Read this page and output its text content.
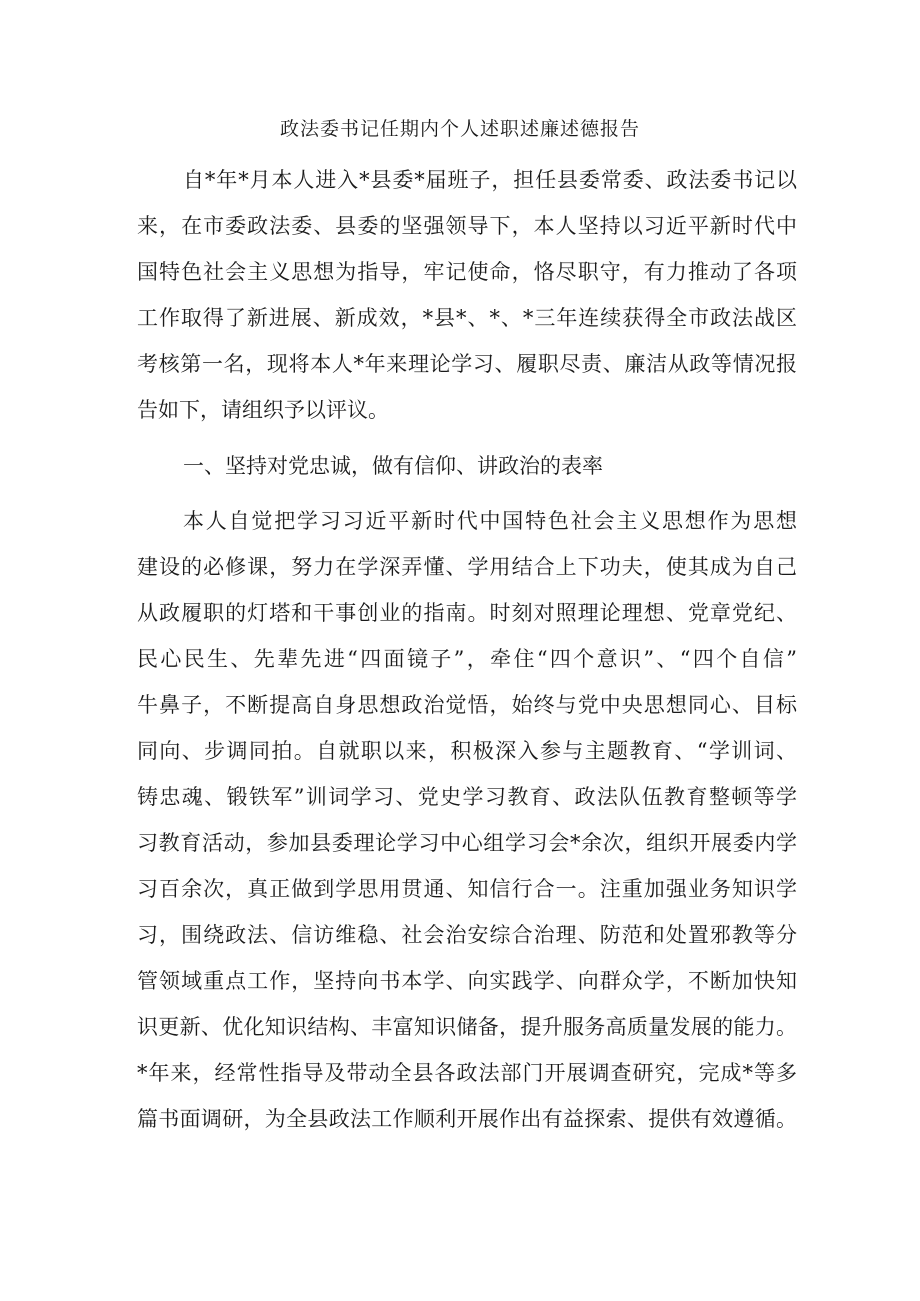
政法委书记任期内个人述职述廉述德报告

自*年*月本人进入*县委*届班子，担任县委常委、政法委书记以

来，在市委政法委、县委的坚强领导下，本人坚持以习近平新时代中

国特色社会主义思想为指导，牢记使命，恪尽职守，有力推动了各项

工作取得了新进展、新成效，*县*、*、*三年连续获得全市政法战区

考核第一名，现将本人*年来理论学习、履职尽责、廉洁从政等情况报

告如下，请组织予以评议。

一、坚持对党忠诚，做有信仰、讲政治的表率

本人自觉把学习习近平新时代中国特色社会主义思想作为思想

建设的必修课，努力在学深弄懂、学用结合上下功夫，使其成为自己

从政履职的灯塔和干事创业的指南。时刻对照理论理想、党章党纪、

民心民生、先辈先进“四面镜子”，牵住“四个意识”、“四个自信”

牛鼻子，不断提高自身思想政治觉悟，始终与党中央思想同心、目标

同向、步调同拍。自就职以来，积极深入参与主题教育、“学训词、

铸忠魂、锻铁军”训词学习、党史学习教育、政法队伍教育整顿等学

习教育活动，参加县委理论学习中心组学习会*余次，组织开展委内学

习百余次，真正做到学思用贯通、知信行合一。注重加强业务知识学

习，围绕政法、信访维稳、社会治安综合治理、防范和处置邪教等分

管领域重点工作，坚持向书本学、向实践学、向群众学，不断加快知

识更新、优化知识结构、丰富知识储备，提升服务高质量发展的能力。

*年来，经常性指导及带动全县各政法部门开展调查研究，完成*等多

篇书面调研，为全县政法工作顺利开展作出有益探索、提供有效遵循。
